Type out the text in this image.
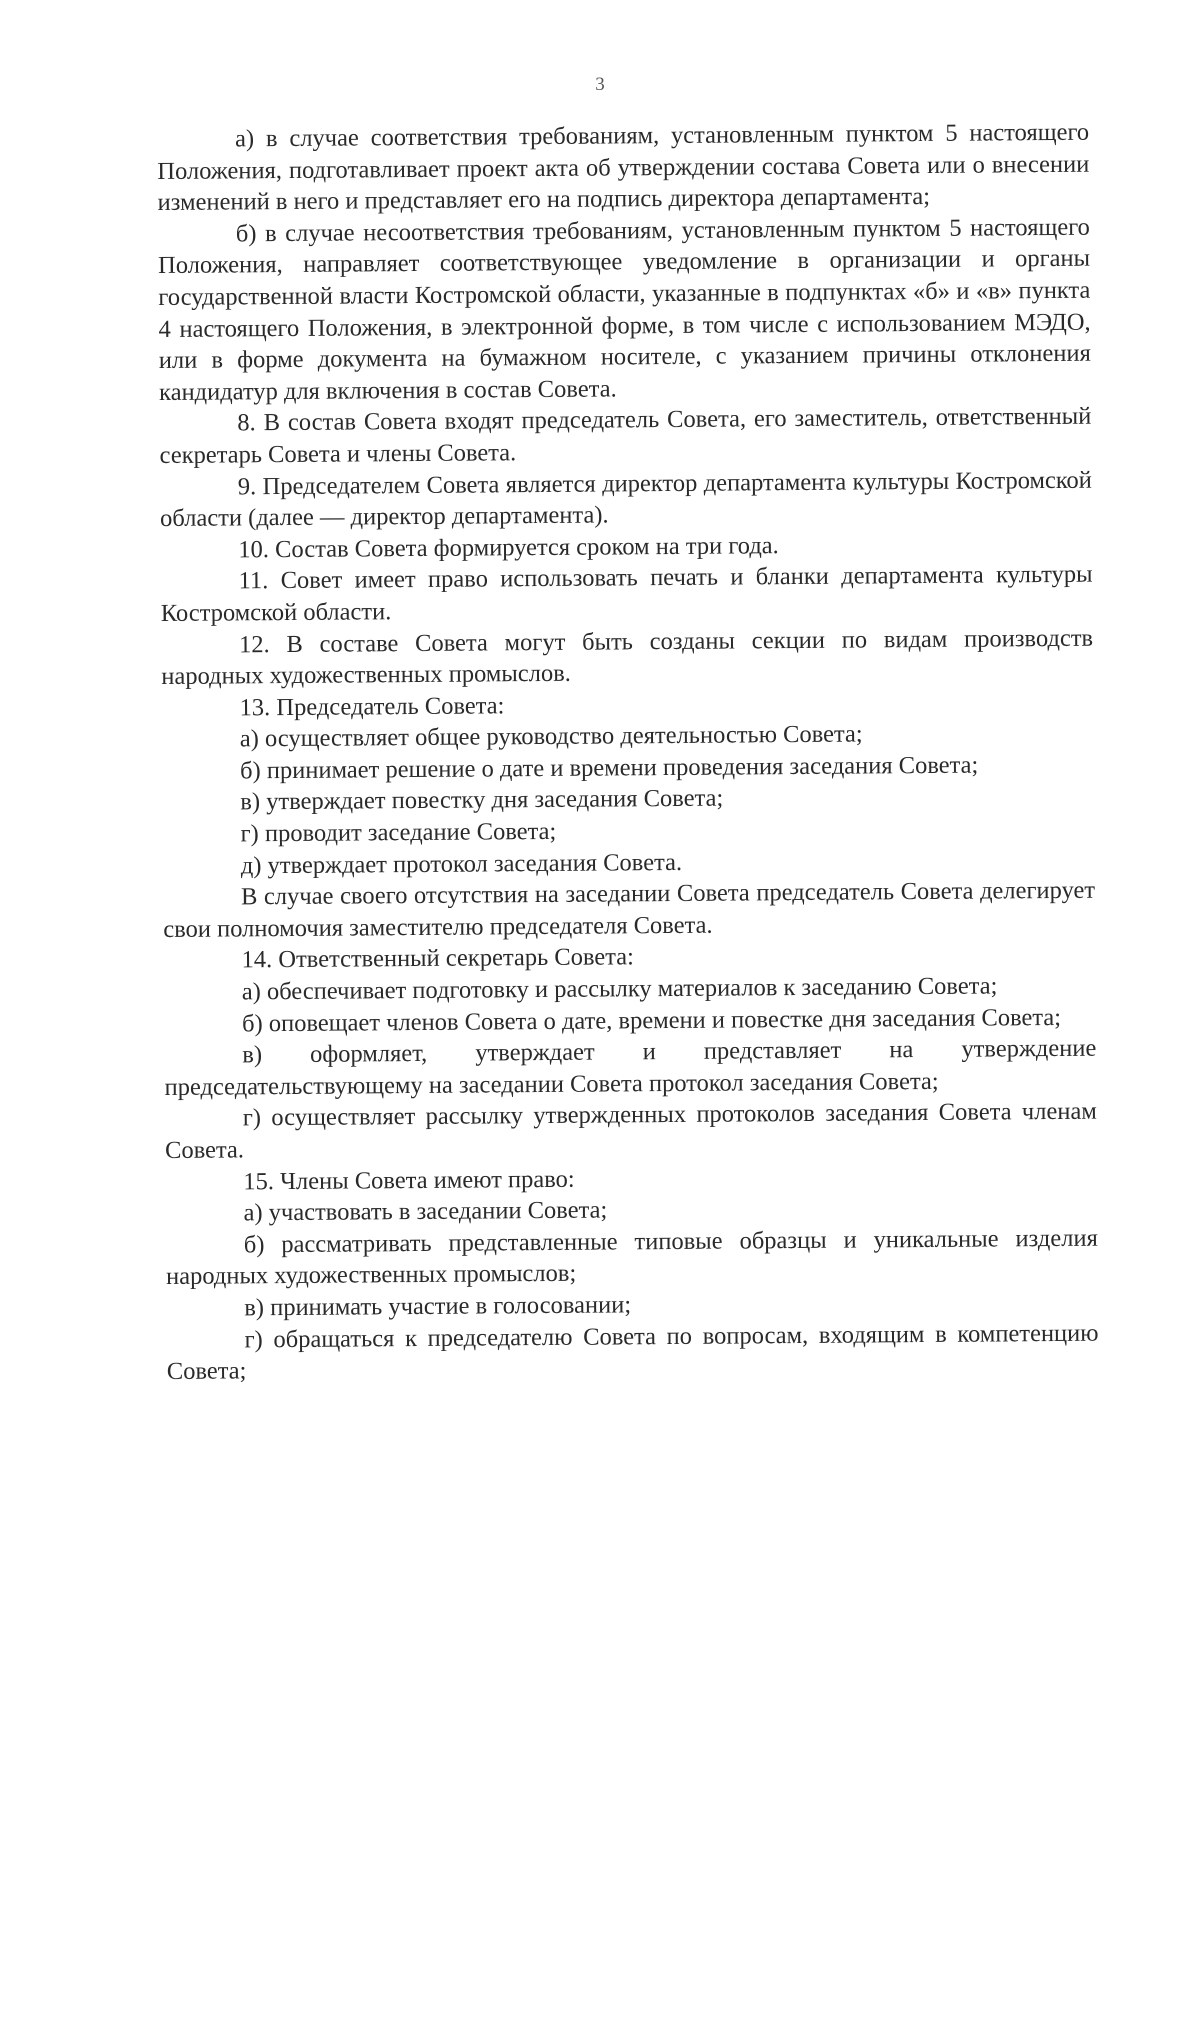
3

а) в случае соответствия требованиям, установленным пунктом 5 настоящего Положения, подготавливает проект акта об утверждении состава Совета или о внесении изменений в него и представляет его на подпись директора департамента;

б) в случае несоответствия требованиям, установленным пунктом 5 настоящего Положения, направляет соответствующее уведомление в организации и органы государственной власти Костромской области, указанные в подпунктах «б» и «в» пункта 4 настоящего Положения, в электронной форме, в том числе с использованием МЭДО, или в форме документа на бумажном носителе, с указанием причины отклонения кандидатур для включения в состав Совета.

8. В состав Совета входят председатель Совета, его заместитель, ответственный секретарь Совета и члены Совета.

9. Председателем Совета является директор департамента культуры Костромской области (далее — директор департамента).

10. Состав Совета формируется сроком на три года.

11. Совет имеет право использовать печать и бланки департамента культуры Костромской области.

12. В составе Совета могут быть созданы секции по видам производств народных художественных промыслов.

13. Председатель Совета:

а) осуществляет общее руководство деятельностью Совета;

б) принимает решение о дате и времени проведения заседания Совета;

в) утверждает повестку дня заседания Совета;

г) проводит заседание Совета;

д) утверждает протокол заседания Совета.

В случае своего отсутствия на заседании Совета председатель Совета делегирует свои полномочия заместителю председателя Совета.

14. Ответственный секретарь Совета:

а) обеспечивает подготовку и рассылку материалов к заседанию Совета;

б) оповещает членов Совета о дате, времени и повестке дня заседания Совета;

в) оформляет, утверждает и представляет на утверждение председательствующему на заседании Совета протокол заседания Совета;

г) осуществляет рассылку утвержденных протоколов заседания Совета членам Совета.

15. Члены Совета имеют право:

а) участвовать в заседании Совета;

б) рассматривать представленные типовые образцы и уникальные изделия народных художественных промыслов;

в) принимать участие в голосовании;

г) обращаться к председателю Совета по вопросам, входящим в компетенцию Совета;
